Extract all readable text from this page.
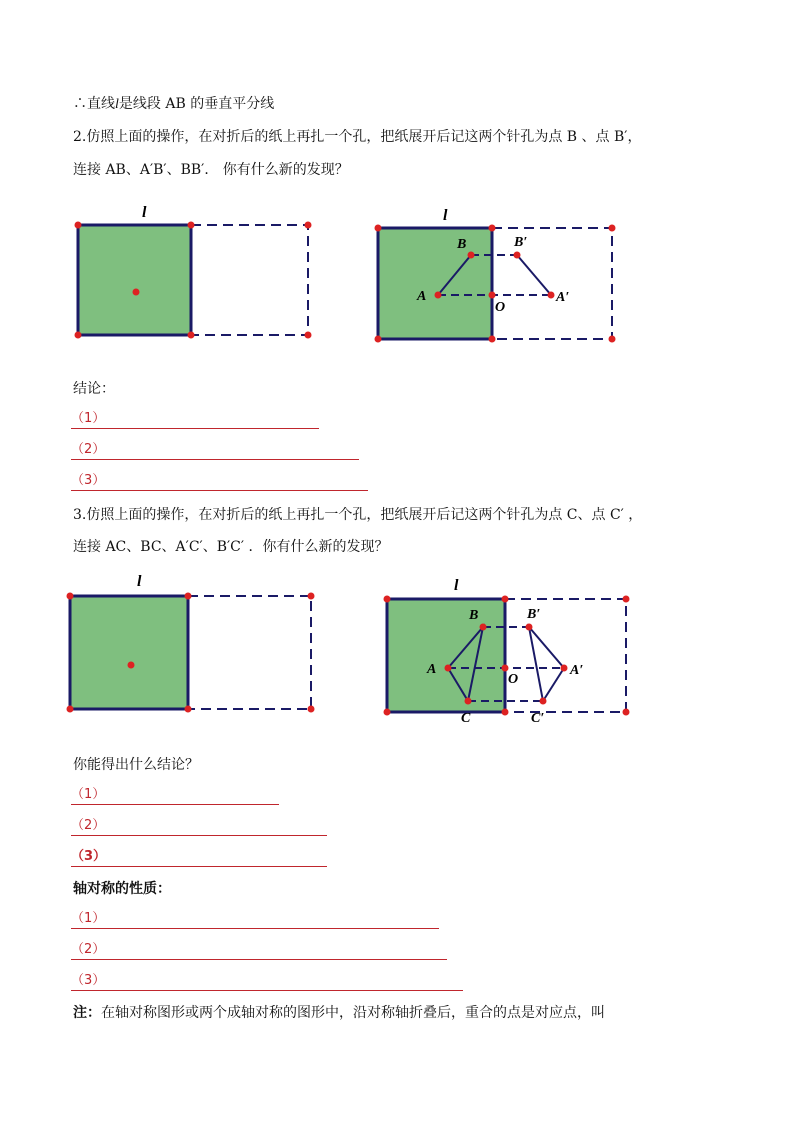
∴直线l是线段 AB 的垂直平分线
2.仿照上面的操作，在对折后的纸上再扎一个孔，把纸展开后记这两个针孔为点 B 、点 B′，
连接 AB、A′B′、BB′． 你有什么新的发现？
l	l
B	B′
A	A′
O
结论：
（1）
（2）
（3）
3.仿照上面的操作，在对折后的纸上再扎一个孔，把纸展开后记这两个针孔为点 C、点 C′ ，
连接 AC、BC、A′C′、B′C′ ．你有什么新的发现？
l	l
B	B′
A	A′
O
C	C′
你能得出什么结论？
（1）
（2）
（3）
轴对称的性质：
（1）
（2）
（3）
注：在轴对称图形或两个成轴对称的图形中，沿对称轴折叠后，重合的点是对应点，叫
